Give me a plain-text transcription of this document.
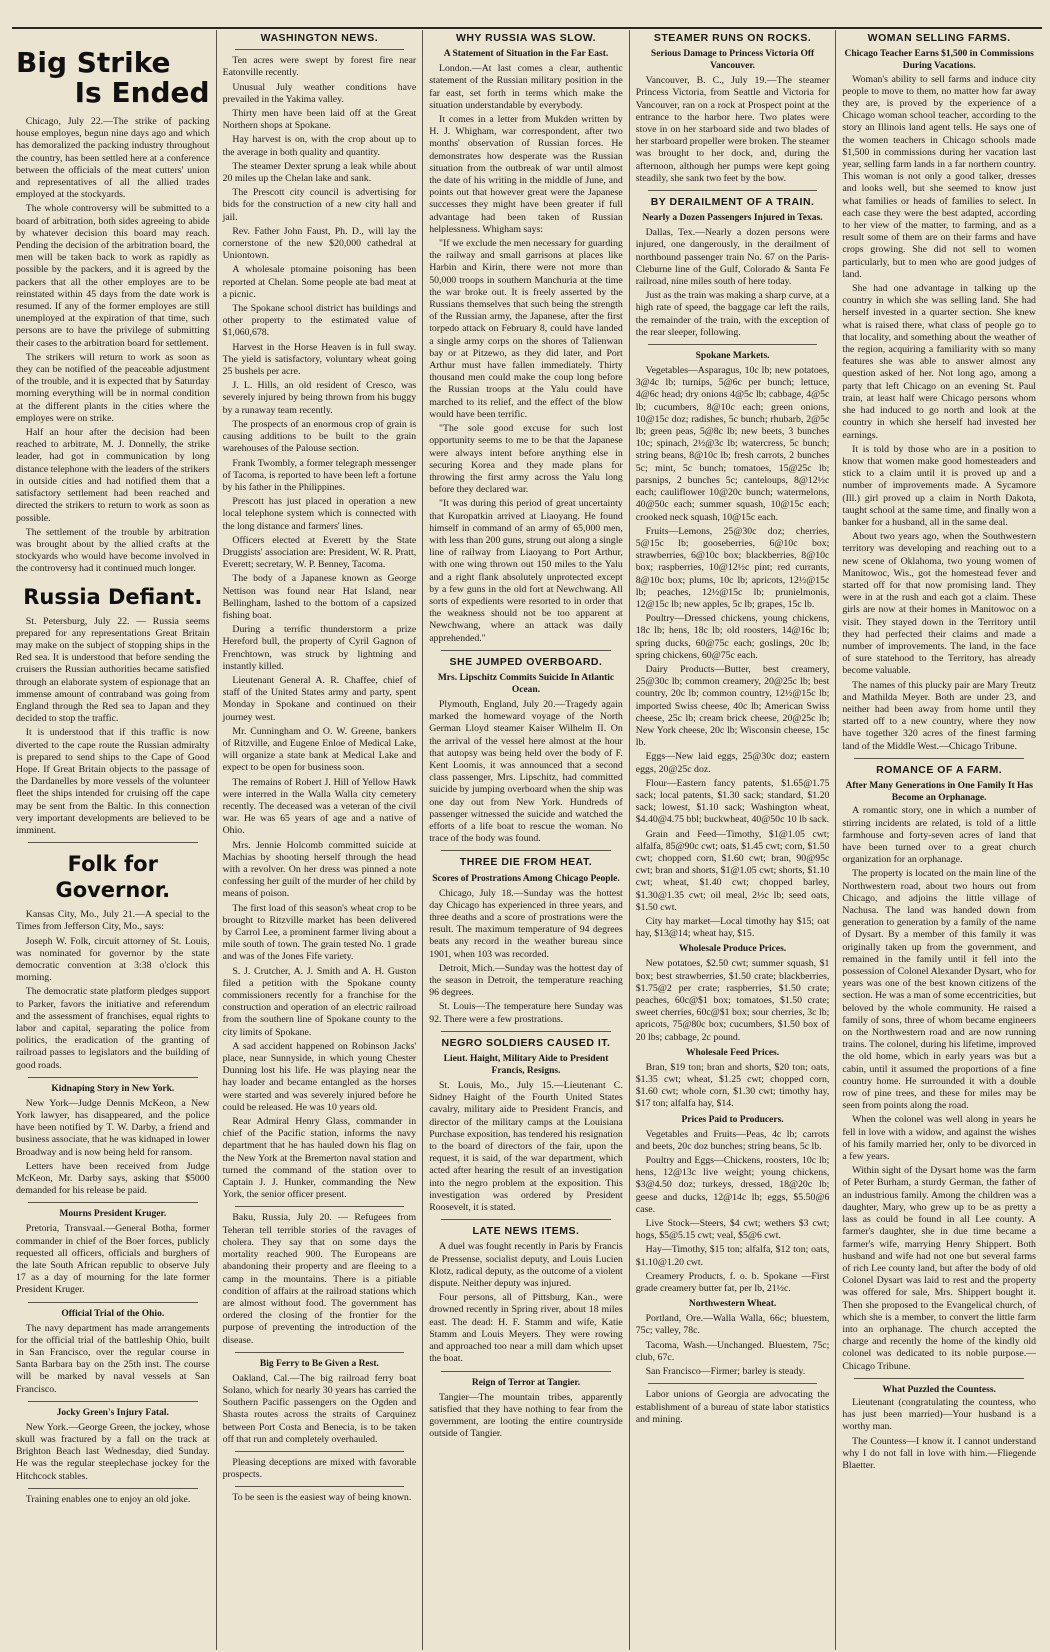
Big Strike
Is Ended

Chicago, July 22.—The strike of packing house employes, begun nine days ago and which has demoralized the packing industry throughout the country, has been settled here at a conference between the officials of the meat cutters' union and representatives of all the allied trades employed at the stockyards.

The whole controversy will be submitted to a board of arbitration, both sides agreeing to abide by whatever decision this board may reach. Pending the decision of the arbitration board, the men will be taken back to work as rapidly as possible by the packers, and it is agreed by the packers that all the other employes are to be reinstated within 45 days from the date work is resumed. If any of the former employes are still unemployed at the expiration of that time, such persons are to have the privilege of submitting their cases to the arbitration board for settlement.

The strikers will return to work as soon as they can be notified of the peaceable adjustment of the trouble, and it is expected that by Saturday morning everything will be in normal condition at the different plants in the cities where the employes were on strike.

Half an hour after the decision had been reached to arbitrate, M. J. Donnelly, the strike leader, had got in communication by long distance telephone with the leaders of the strikers in outside cities and had notified them that a satisfactory settlement had been reached and directed the strikers to return to work as soon as possible.

The settlement of the trouble by arbitration was brought about by the allied crafts at the stockyards who would have become involved in the controversy had it continued much longer.

Russia Defiant.

St. Petersburg, July 22. — Russia seems prepared for any representations Great Britain may make on the subject of stopping ships in the Red sea. It is understood that before sending the cruisers the Russian authorities became satisfied through an elaborate system of espionage that an immense amount of contraband was going from England through the Red sea to Japan and they decided to stop the traffic.

It is understood that if this traffic is now diverted to the cape route the Russian admiralty is prepared to send ships to the Cape of Good Hope. If Great Britain objects to the passage of the Dardanelles by more vessels of the volunteer fleet the ships intended for cruising off the cape may be sent from the Baltic. In this connection very important developments are believed to be imminent.

Folk for Governor.

Kansas City, Mo., July 21.—A special to the Times from Jefferson City, Mo., says:

Joseph W. Folk, circuit attorney of St. Louis, was nominated for governor by the state democratic convention at 3:38 o'clock this morning.

The democratic state platform pledges support to Parker, favors the initiative and referendum and the assessment of franchises, equal rights to labor and capital, separating the police from politics, the eradication of the granting of railroad passes to legislators and the building of good roads.

Kidnaping Story in New York.

New York—Judge Dennis McKeon, a New York lawyer, has disappeared, and the police have been notified by T. W. Darby, a friend and business associate, that he was kidnaped in lower Broadway and is now being held for ransom.

Letters have been received from Judge McKeon, Mr. Darby says, asking that $5000 demanded for his release be paid.

Mourns President Kruger.

Pretoria, Transvaal.—General Botha, former commander in chief of the Boer forces, publicly requested all officers, officials and burghers of the late South African republic to observe July 17 as a day of mourning for the late former President Kruger.

Official Trial of the Ohio.

The navy department has made arrangements for the official trial of the battleship Ohio, built in San Francisco, over the regular course in Santa Barbara bay on the 25th inst. The course will be marked by naval vessels at San Francisco.

Jocky Green's Injury Fatal.

New York.—George Green, the jockey, whose skull was fractured by a fall on the track at Brighton Beach last Wednesday, died Sunday. He was the regular steeplechase jockey for the Hitchcock stables.

Training enables one to enjoy an old joke.

WASHINGTON NEWS.

Ten acres were swept by forest fire near Eatonville recently.

Unusual July weather conditions have prevailed in the Yakima valley.

Thirty men have been laid off at the Great Northern shops at Spokane.

Hay harvest is on, with the crop about up to the average in both quality and quantity.

The steamer Dexter sprung a leak while about 20 miles up the Chelan lake and sank.

The Prescott city council is advertising for bids for the construction of a new city hall and jail.

Rev. Father John Faust, Ph. D., will lay the cornerstone of the new $20,000 cathedral at Uniontown.

A wholesale ptomaine poisoning has been reported at Chelan. Some people ate bad meat at a picnic.

The Spokane school district has buildings and other property to the estimated value of $1,060,678.

Harvest in the Horse Heaven is in full sway. The yield is satisfactory, voluntary wheat going 25 bushels per acre.

J. L. Hills, an old resident of Cresco, was severely injured by being thrown from his buggy by a runaway team recently.

The prospects of an enormous crop of grain is causing additions to be built to the grain warehouses of the Palouse section.

Frank Twombly, a former telegraph messenger of Tacoma, is reported to have been left a fortune by his father in the Philippines.

Prescott has just placed in operation a new local telephone system which is connected with the long distance and farmers' lines.

Officers elected at Everett by the State Druggists' association are: President, W. R. Pratt, Everett; secretary, W. P. Benney, Tacoma.

The body of a Japanese known as George Nettison was found near Hat Island, near Bellingham, lashed to the bottom of a capsized fishing boat.

During a terrific thunderstorm a prize Hereford bull, the property of Cyril Gagnon of Frenchtown, was struck by lightning and instantly killed.

Lieutenant General A. R. Chaffee, chief of staff of the United States army and party, spent Monday in Spokane and continued on their journey west.

Mr. Cunningham and O. W. Greene, bankers of Ritzville, and Eugene Enloe of Medical Lake, will organize a state bank at Medical Lake and expect to be open for business soon.

The remains of Robert J. Hill of Yellow Hawk were interred in the Walla Walla city cemetery recently. The deceased was a veteran of the civil war. He was 65 years of age and a native of Ohio.

Mrs. Jennie Holcomb committed suicide at Machias by shooting herself through the head with a revolver. On her dress was pinned a note confessing her guilt of the murder of her child by means of poison.

The first load of this season's wheat crop to be brought to Ritzville market has been delivered by Carrol Lee, a prominent farmer living about a mile south of town. The grain tested No. 1 grade and was of the Jones Fife variety.

S. J. Crutcher, A. J. Smith and A. H. Guston filed a petition with the Spokane county commissioners recently for a franchise for the construction and operation of an electric railroad from the southern line of Spokane county to the city limits of Spokane.

A sad accident happened on Robinson Jacks' place, near Sunnyside, in which young Chester Dunning lost his life. He was playing near the hay loader and became entangled as the horses were started and was severely injured before he could be released. He was 10 years old.

Rear Admiral Henry Glass, commander in chief of the Pacific station, informs the navy department that he has hauled down his flag on the New York at the Bremerton naval station and turned the command of the station over to Captain J. J. Hunker, commanding the New York, the senior officer present.

Baku, Russia, July 20. — Refugees from Teheran tell terrible stories of the ravages of cholera. They say that on some days the mortality reached 900. The Europeans are abandoning their property and are fleeing to a camp in the mountains. There is a pitiable condition of affairs at the railroad stations which are almost without food. The government has ordered the closing of the frontier for the purpose of preventing the introduction of the disease.

Big Ferry to Be Given a Rest.

Oakland, Cal.—The big railroad ferry boat Solano, which for nearly 30 years has carried the Southern Pacific passengers on the Ogden and Shasta routes across the straits of Carquinez between Port Costa and Benecia, is to be taken off that run and completely overhauled.

Pleasing deceptions are mixed with favorable prospects.

To be seen is the easiest way of being known.

WHY RUSSIA WAS SLOW.
A Statement of Situation in the Far East.

London.—At last comes a clear, authentic statement of the Russian military position in the far east, set forth in terms which make the situation understandable by everybody.

It comes in a letter from Mukden written by H. J. Whigham, war correspondent, after two months' observation of Russian forces. He demonstrates how desperate was the Russian situation from the outbreak of war until almost the date of his writing in the middle of June, and points out that however great were the Japanese successes they might have been greater if full advantage had been taken of Russian helplessness. Whigham says:

"If we exclude the men necessary for guarding the railway and small garrisons at places like Harbin and Kirin, there were not more than 50,000 troops in southern Manchuria at the time the war broke out. It is freely asserted by the Russians themselves that such being the strength of the Russian army, the Japanese, after the first torpedo attack on February 8, could have landed a single army corps on the shores of Talienwan bay or at Pitzewo, as they did later, and Port Arthur must have fallen immediately. Thirty thousand men could make the coup long before the Russian troops at the Yalu could have marched to its relief, and the effect of the blow would have been terrific.

"The sole good excuse for such lost opportunity seems to me to be that the Japanese were always intent before anything else in securing Korea and they made plans for throwing the first army across the Yalu long before they declared war.

"It was during this period of great uncertainty that Kuropatkin arrived at Liaoyang. He found himself in command of an army of 65,000 men, with less than 200 guns, strung out along a single line of railway from Liaoyang to Port Arthur, with one wing thrown out 150 miles to the Yalu and a right flank absolutely unprotected except by a few guns in the old fort at Newchwang. All sorts of expedients were resorted to in order that the weakness should not be too apparent at Newchwang, where an attack was daily apprehended."

SHE JUMPED OVERBOARD.
Mrs. Lipschitz Commits Suicide In Atlantic Ocean.

Plymouth, England, July 20.—Tragedy again marked the homeward voyage of the North German Lloyd steamer Kaiser Wilhelm II. On the arrival of the vessel here almost at the hour that autopsy was being held over the body of F. Kent Loomis, it was announced that a second class passenger, Mrs. Lipschitz, had committed suicide by jumping overboard when the ship was one day out from New York. Hundreds of passenger witnessed the suicide and watched the efforts of a life boat to rescue the woman. No trace of the body was found.

THREE DIE FROM HEAT.
Scores of Prostrations Among Chicago People.

Chicago, July 18.—Sunday was the hottest day Chicago has experienced in three years, and three deaths and a score of prostrations were the result. The maximum temperature of 94 degrees beats any record in the weather bureau since 1901, when 103 was recorded.

Detroit, Mich.—Sunday was the hottest day of the season in Detroit, the temperature reaching 96 degrees.

St. Louis—The temperature here Sunday was 92. There were a few prostrations.

NEGRO SOLDIERS CAUSED IT.
Lieut. Haight, Military Aide to President Francis, Resigns.

St. Louis, Mo., July 15.—Lieutenant C. Sidney Haight of the Fourth United States cavalry, military aide to President Francis, and director of the military camps at the Louisiana Purchase exposition, has tendered his resignation to the board of directors of the fair, upon the request, it is said, of the war department, which acted after hearing the result of an investigation into the negro problem at the exposition. This investigation was ordered by President Roosevelt, it is stated.

LATE NEWS ITEMS.

A duel was fought recently in Paris by Francis de Pressense, socialist deputy, and Louis Lucien Klotz, radical deputy, as the outcome of a violent dispute. Neither deputy was injured.

Four persons, all of Pittsburg, Kan., were drowned recently in Spring river, about 18 miles east. The dead: H. F. Stamm and wife, Katie Stamm and Louis Meyers. They were rowing and approached too near a mill dam which upset the boat.

Reign of Terror at Tangier.

Tangier—The mountain tribes, apparently satisfied that they have nothing to fear from the government, are looting the entire countryside outside of Tangier.

STEAMER RUNS ON ROCKS.
Serious Damage to Princess Victoria Off Vancouver.

Vancouver, B. C., July 19.—The steamer Princess Victoria, from Seattle and Victoria for Vancouver, ran on a rock at Prospect point at the entrance to the harbor here. Two plates were stove in on her starboard side and two blades of her starboard propeller were broken. The steamer was brought to her dock, and, during the afternoon, although her pumps were kept going steadily, she sank two feet by the bow.

BY DERAILMENT OF A TRAIN.
Nearly a Dozen Passengers Injured in Texas.

Dallas, Tex.—Nearly a dozen persons were injured, one dangerously, in the derailment of northbound passenger train No. 67 on the Paris-Cleburne line of the Gulf, Colorado & Santa Fe railroad, nine miles south of here today.

Just as the train was making a sharp curve, at a high rate of speed, the baggage car left the rails, the remainder of the train, with the exception of the rear sleeper, following.

Spokane Markets.

Vegetables—Asparagus, 10c lb; new potatoes, 3@4c lb; turnips, 5@6c per bunch; lettuce, 4@6c head; dry onions 4@5c lb; cabbage, 4@5c lb; cucumbers, 8@10c each; green onions, 10@15c doz; radishes, 5c bunch; rhubarb, 2@5c lb; green peas, 5@8c lb; new beets, 3 bunches 10c; spinach, 2½@3c lb; watercress, 5c bunch; string beans, 8@10c lb; fresh carrots, 2 bunches 5c; mint, 5c bunch; tomatoes, 15@25c lb; parsnips, 2 bunches 5c; canteloups, 8@12½c each; cauliflower 10@20c bunch; watermelons, 40@50c each; summer squash, 10@15c each; crooked neck squash, 10@15c each.

Fruits—Lemons, 25@30c doz; cherries, 5@15c lb; gooseberries, 6@10c box; strawberries, 6@10c box; blackberries, 8@10c box; raspberries, 10@12½c pint; red currants, 8@10c box; plums, 10c lb; apricots, 12½@15c lb; peaches, 12½@15c lb; prunielmonis, 12@15c lb; new apples, 5c lb; grapes, 15c lb.

Poultry—Dressed chickens, young chickens, 18c lb; hens, 18c lb; old roosters, 14@16c lb; spring ducks, 60@75c each; goslings, 20c lb; spring chickens, 60@75c each.

Dairy Products—Butter, best creamery, 25@30c lb; common creamery, 20@25c lb; best country, 20c lb; common country, 12½@15c lb; imported Swiss cheese, 40c lb; American Swiss cheese, 25c lb; cream brick cheese, 20@25c lb; New York cheese, 20c lb; Wisconsin cheese, 15c lb.

Eggs—New laid eggs, 25@30c doz; eastern eggs, 20@25c doz.

Flour—Eastern fancy patents, $1.65@1.75 sack; local patents, $1.30 sack; standard, $1.20 sack; lowest, $1.10 sack; Washington wheat, $4.40@4.75 bbl; buckwheat, 40@50c 10 lb sack.

Grain and Feed—Timothy, $1@1.05 cwt; alfalfa, 85@90c cwt; oats, $1.45 cwt; corn, $1.50 cwt; chopped corn, $1.60 cwt; bran, 90@95c cwt; bran and shorts, $1@1.05 cwt; shorts, $1.10 cwt; wheat, $1.40 cwt; chopped barley, $1.30@1.35 cwt; oil meal, 2½c lb; seed oats, $1.50 cwt.

City hay market—Local timothy hay $15; oat hay, $13@14; wheat hay, $15.

Wholesale Produce Prices.

New potatoes, $2.50 cwt; summer squash, $1 box; best strawberries, $1.50 crate; blackberries, $1.75@2 per crate; raspberries, $1.50 crate; peaches, 60c@$1 box; tomatoes, $1.50 crate; sweet cherries, 60c@$1 box; sour cherries, 3c lb; apricots, 75@80c box; cucumbers, $1.50 box of 20 lbs; cabbage, 2c pound.

Wholesale Feed Prices.

Bran, $19 ton; bran and shorts, $20 ton; oats, $1.35 cwt; wheat, $1.25 cwt; chopped corn, $1.60 cwt; whole corn, $1.30 cwt; timothy hay, $17 ton; alfalfa hay, $14.

Prices Paid to Producers.

Vegetables and Fruits—Peas, 4c lb; carrots and beets, 20c doz bunches; string beans, 5c lb.

Poultry and Eggs—Chickens, roosters, 10c lb; hens, 12@13c live weight; young chickens, $3@4.50 doz; turkeys, dressed, 18@20c lb; geese and ducks, 12@14c lb; eggs, $5.50@6 case.

Live Stock—Steers, $4 cwt; wethers $3 cwt; hogs, $5@5.15 cwt; veal, $5@6 cwt.

Hay—Timothy, $15 ton; alfalfa, $12 ton; oats, $1.10@1.20 cwt.

Creamery Products, f. o. b. Spokane —First grade creamery butter fat, per lb, 21½c.

Northwestern Wheat.

Portland, Ore.—Walla Walla, 66c; bluestem, 75c; valley, 78c.

Tacoma, Wash.—Unchanged. Bluestem, 75c; club, 67c.

San Francisco—Firmer; barley is steady.

Labor unions of Georgia are advocating the establishment of a bureau of state labor statistics and mining.

WOMAN SELLING FARMS.
Chicago Teacher Earns $1,500 in Commissions During Vacations.

Woman's ability to sell farms and induce city people to move to them, no matter how far away they are, is proved by the experience of a Chicago woman school teacher, according to the story an Illinois land agent tells. He says one of the women teachers in Chicago schools made $1,500 in commissions during her vacation last year, selling farm lands in a far northern country. This woman is not only a good talker, dresses and looks well, but she seemed to know just what families or heads of families to select. In each case they were the best adapted, according to her view of the matter, to farming, and as a result some of them are on their farms and have crops growing. She did not sell to women particularly, but to men who are good judges of land.

She had one advantage in talking up the country in which she was selling land. She had herself invested in a quarter section. She knew what is raised there, what class of people go to that locality, and something about the weather of the region, acquiring a familiarity with so many features she was able to answer almost any question asked of her. Not long ago, among a party that left Chicago on an evening St. Paul train, at least half were Chicago persons whom she had induced to go north and look at the country in which she herself had invested her earnings.

It is told by those who are in a position to know that women make good homesteaders and stick to a claim until it is proved up and a number of improvements made. A Sycamore (Ill.) girl proved up a claim in North Dakota, taught school at the same time, and finally won a banker for a husband, all in the same deal.

About two years ago, when the Southwestern territory was developing and reaching out to a new scene of Oklahoma, two young women of Manitowoc, Wis., got the homestead fever and started off for that now promising land. They were in at the rush and each got a claim. These girls are now at their homes in Manitowoc on a visit. They stayed down in the Territory until they had perfected their claims and made a number of improvements. The land, in the face of sure statehood to the Territory, has already become valuable.

The names of this plucky pair are Mary Treutz and Mathilda Meyer. Both are under 23, and neither had been away from home until they started off to a new country, where they now have together 320 acres of the finest farming land of the Middle West.—Chicago Tribune.

ROMANCE OF A FARM.
After Many Generations in One Family It Has Become an Orphanage.

A romantic story, one in which a number of stirring incidents are related, is told of a little farmhouse and forty-seven acres of land that have been turned over to a great church organization for an orphanage.

The property is located on the main line of the Northwestern road, about two hours out from Chicago, and adjoins the little village of Nachusa. The land was handed down from generation to generation by a family of the name of Dysart. By a member of this family it was originally taken up from the government, and remained in the family until it fell into the possession of Colonel Alexander Dysart, who for years was one of the best known citizens of the section. He was a man of some eccentricities, but beloved by the whole community. He raised a family of sons, three of whom became engineers on the Northwestern road and are now running trains. The colonel, during his lifetime, improved the old home, which in early years was but a cabin, until it assumed the proportions of a fine country home. He surrounded it with a double row of pine trees, and these for miles may be seen from points along the road.

When the colonel was well along in years he fell in love with a widow, and against the wishes of his family married her, only to be divorced in a few years.

Within sight of the Dysart home was the farm of Peter Burham, a sturdy German, the father of an industrious family. Among the children was a daughter, Mary, who grew up to be as pretty a lass as could be found in all Lee county. A farmer's daughter, she in due time became a farmer's wife, marrying Henry Shippert. Both husband and wife had not one but several farms of rich Lee county land, but after the body of old Colonel Dysart was laid to rest and the property was offered for sale, Mrs. Shippert bought it. Then she proposed to the Evangelical church, of which she is a member, to convert the little farm into an orphanage. The church accepted the charge and recently the home of the kindly old colonel was dedicated to its noble purpose.—Chicago Tribune.

What Puzzled the Countess.

Lieutenant (congratulating the countess, who has just been married)—Your husband is a worthy man.

The Countess—I know it. I cannot understand why I do not fall in love with him.—Fliegende Blaetter.
